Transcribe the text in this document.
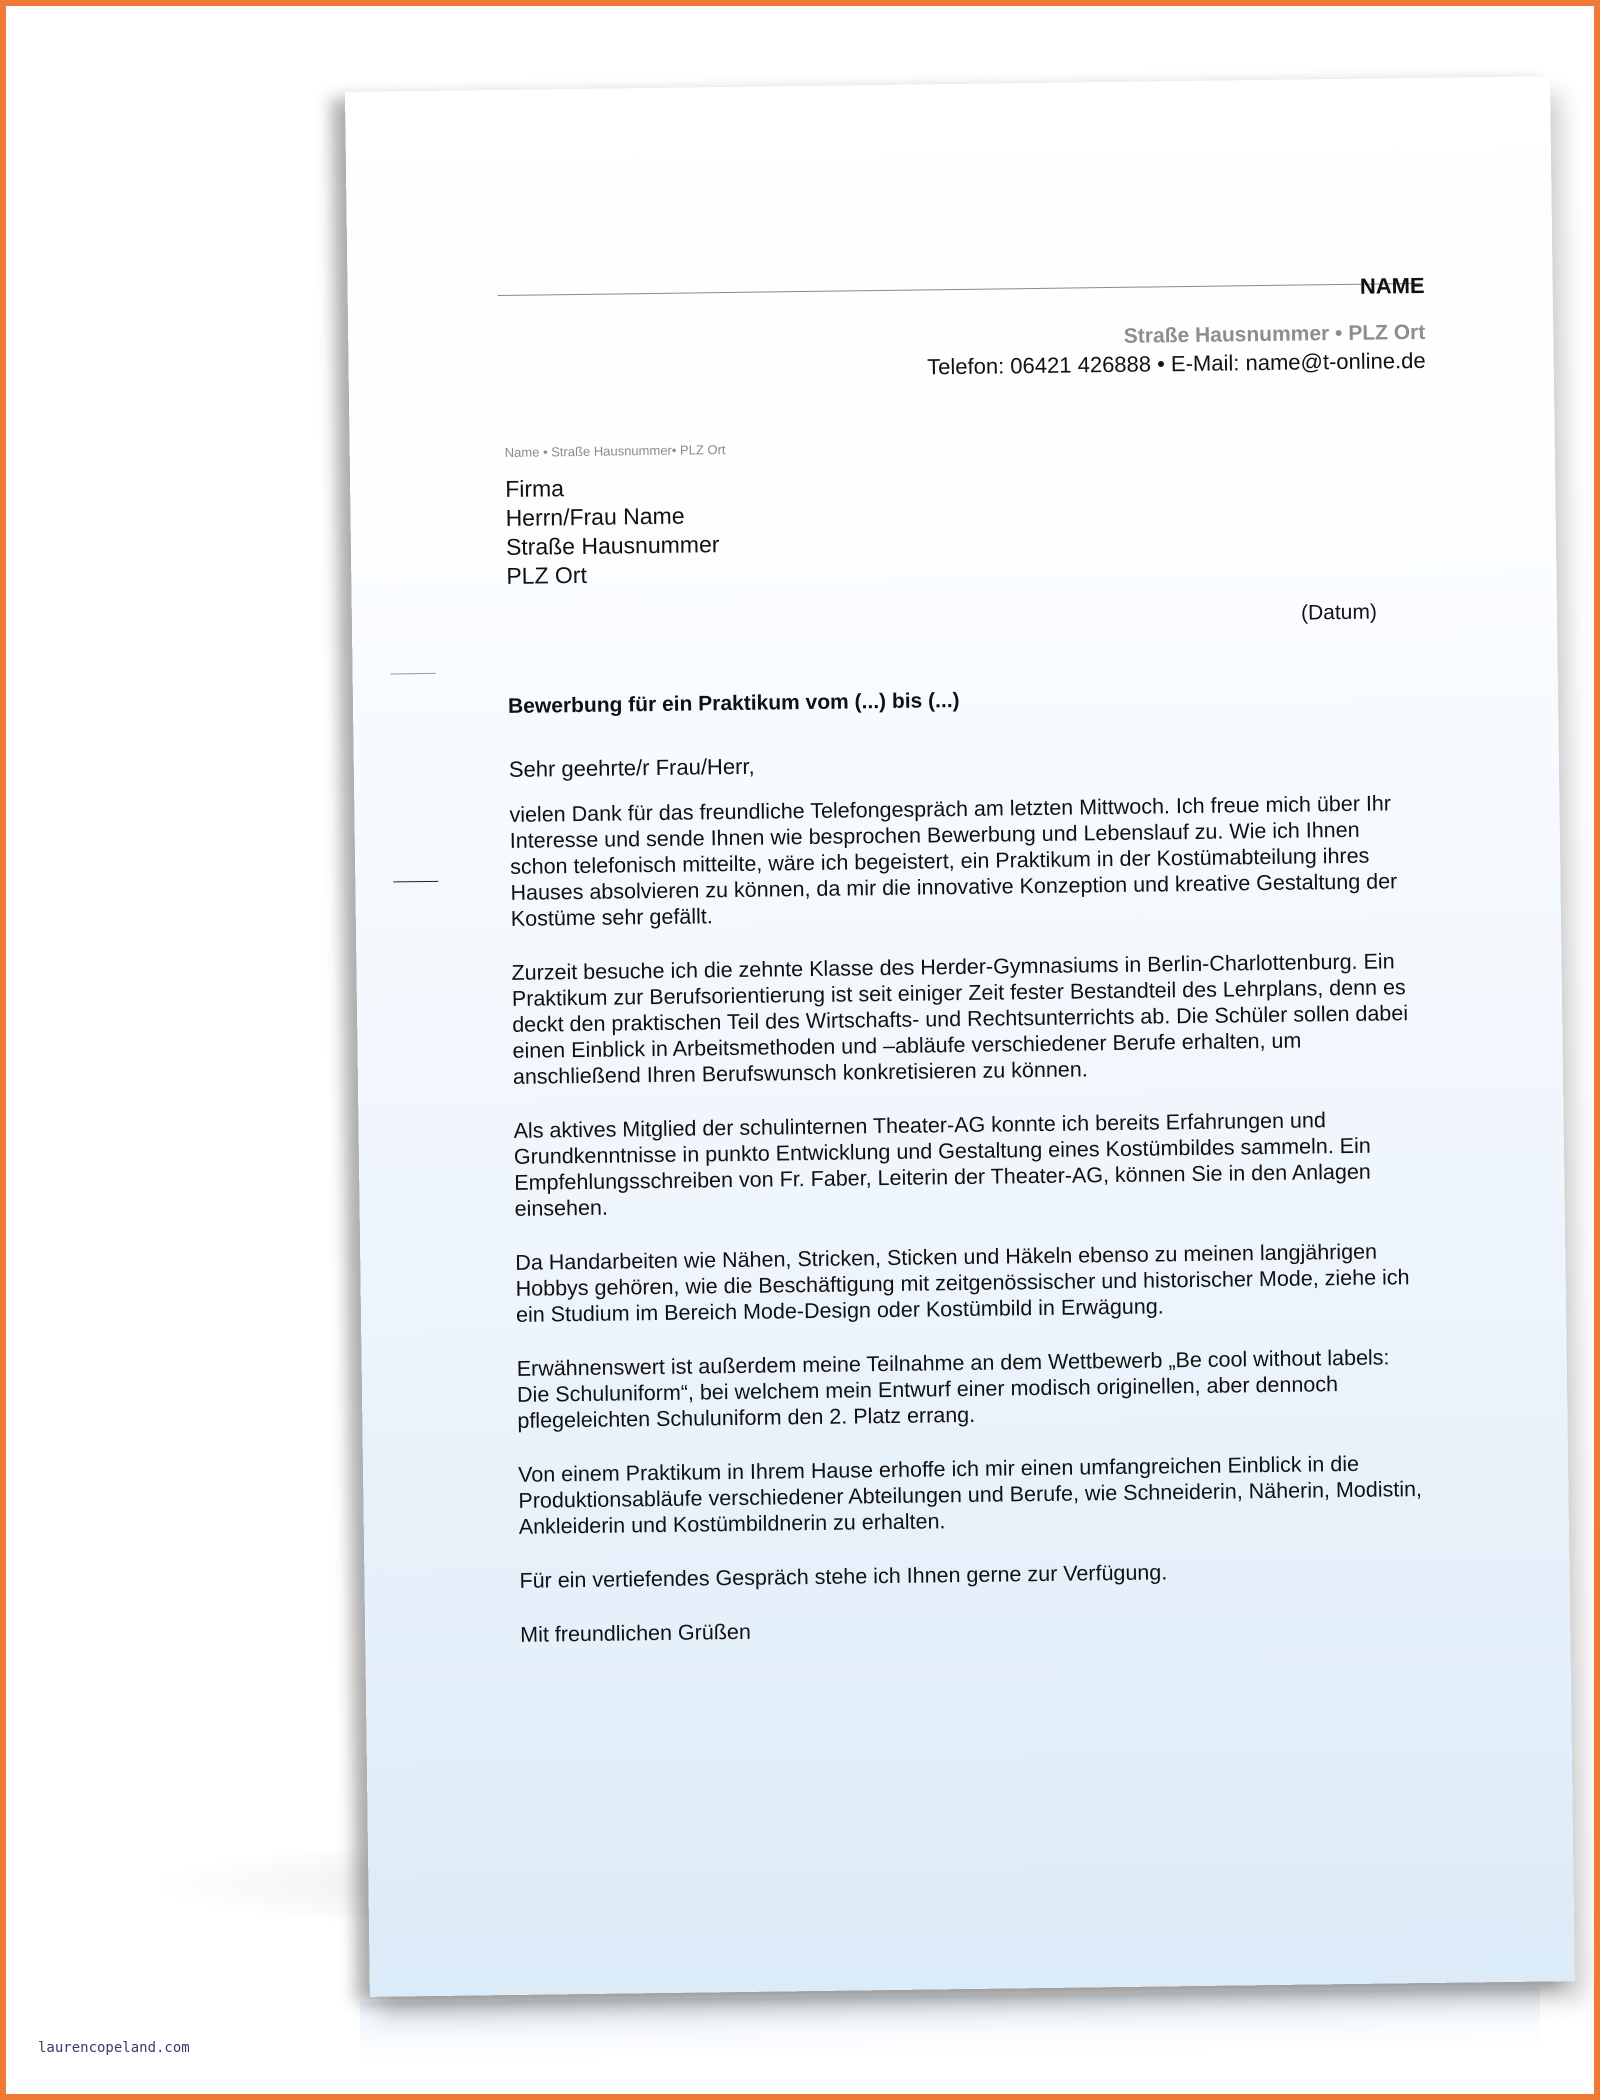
NAME
Straße Hausnummer • PLZ Ort
Telefon: 06421 426888 • E-Mail: name@t-online.de
Name • Straße Hausnummer• PLZ Ort
Firma
Herrn/Frau Name
Straße Hausnummer
PLZ Ort
(Datum)
Bewerbung für ein Praktikum vom (...) bis (...)
Sehr geehrte/r Frau/Herr,

vielen Dank für das freundliche Telefongespräch am letzten Mittwoch. Ich freue mich über Ihr
Interesse und sende Ihnen wie besprochen Bewerbung und Lebenslauf zu. Wie ich Ihnen
schon telefonisch mitteilte, wäre ich begeistert, ein Praktikum in der Kostümabteilung ihres
Hauses absolvieren zu können, da mir die innovative Konzeption und kreative Gestaltung der
Kostüme sehr gefällt.

Zurzeit besuche ich die zehnte Klasse des Herder-Gymnasiums in Berlin-Charlottenburg. Ein
Praktikum zur Berufsorientierung ist seit einiger Zeit fester Bestandteil des Lehrplans, denn es
deckt den praktischen Teil des Wirtschafts- und Rechtsunterrichts ab. Die Schüler sollen dabei
einen Einblick in Arbeitsmethoden und –abläufe verschiedener Berufe erhalten, um
anschließend Ihren Berufswunsch konkretisieren zu können.

Als aktives Mitglied der schulinternen Theater-AG konnte ich bereits Erfahrungen und
Grundkenntnisse in punkto Entwicklung und Gestaltung eines Kostümbildes sammeln. Ein
Empfehlungsschreiben von Fr. Faber, Leiterin der Theater-AG, können Sie in den Anlagen
einsehen.

Da Handarbeiten wie Nähen, Stricken, Sticken und Häkeln ebenso zu meinen langjährigen
Hobbys gehören, wie die Beschäftigung mit zeitgenössischer und historischer Mode, ziehe ich
ein Studium im Bereich Mode-Design oder Kostümbild in Erwägung.

Erwähnenswert ist außerdem meine Teilnahme an dem Wettbewerb „Be cool without labels:
Die Schuluniform“, bei welchem mein Entwurf einer modisch originellen, aber dennoch
pflegeleichten Schuluniform den 2. Platz errang.

Von einem Praktikum in Ihrem Hause erhoffe ich mir einen umfangreichen Einblick in die
Produktionsabläufe verschiedener Abteilungen und Berufe, wie Schneiderin, Näherin, Modistin,
Ankleiderin und Kostümbildnerin zu erhalten.

Für ein vertiefendes Gespräch stehe ich Ihnen gerne zur Verfügung.

Mit freundlichen Grüßen
laurencopeland.com
